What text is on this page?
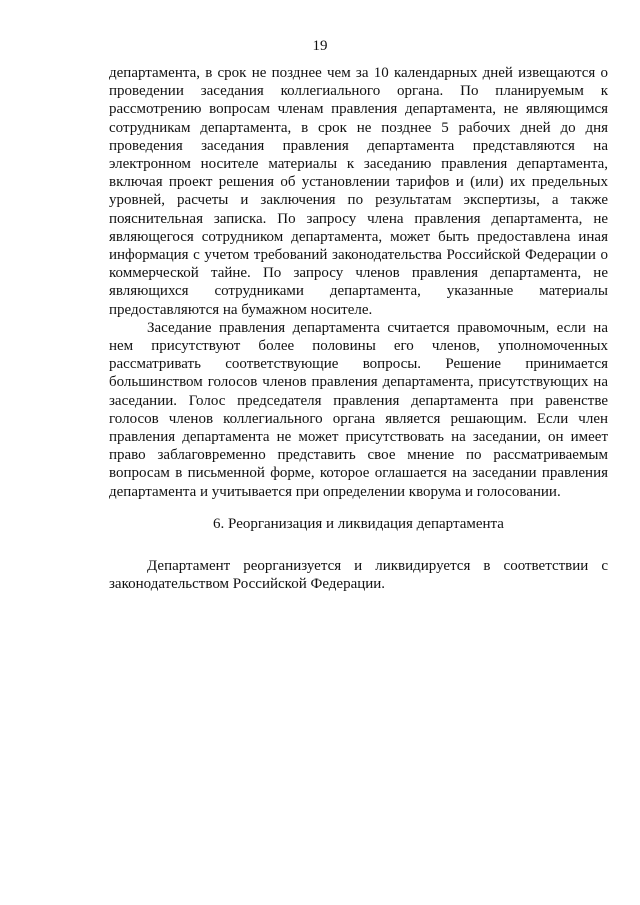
19

департамента, в срок не позднее чем за 10 календарных дней извещаются о проведении заседания коллегиального органа. По планируемым к рассмотрению вопросам членам правления департамента, не являющимся сотрудникам департамента, в срок не позднее 5 рабочих дней до дня проведения заседания правления департамента представляются на электронном носителе материалы к заседанию правления департамента, включая проект решения об установлении тарифов и (или) их предельных уровней, расчеты и заключения по результатам экспертизы, а также пояснительная записка. По запросу члена правления департамента, не являющегося сотрудником департамента, может быть предоставлена иная информация с учетом требований законодательства Российской Федерации о коммерческой тайне. По запросу членов правления департамента, не являющихся сотрудниками департамента, указанные материалы предоставляются на бумажном носителе.

Заседание правления департамента считается правомочным, если на нем присутствуют более половины его членов, уполномоченных рассматривать соответствующие вопросы. Решение принимается большинством голосов членов правления департамента, присутствующих на заседании. Голос председателя правления департамента при равенстве голосов членов коллегиального органа является решающим. Если член правления департамента не может присутствовать на заседании, он имеет право заблаговременно представить свое мнение по рассматриваемым вопросам в письменной форме, которое оглашается на заседании правления департамента и учитывается при определении кворума и голосовании.

6. Реорганизация и ликвидация департамента

Департамент реорганизуется и ликвидируется в соответствии с законодательством Российской Федерации.
